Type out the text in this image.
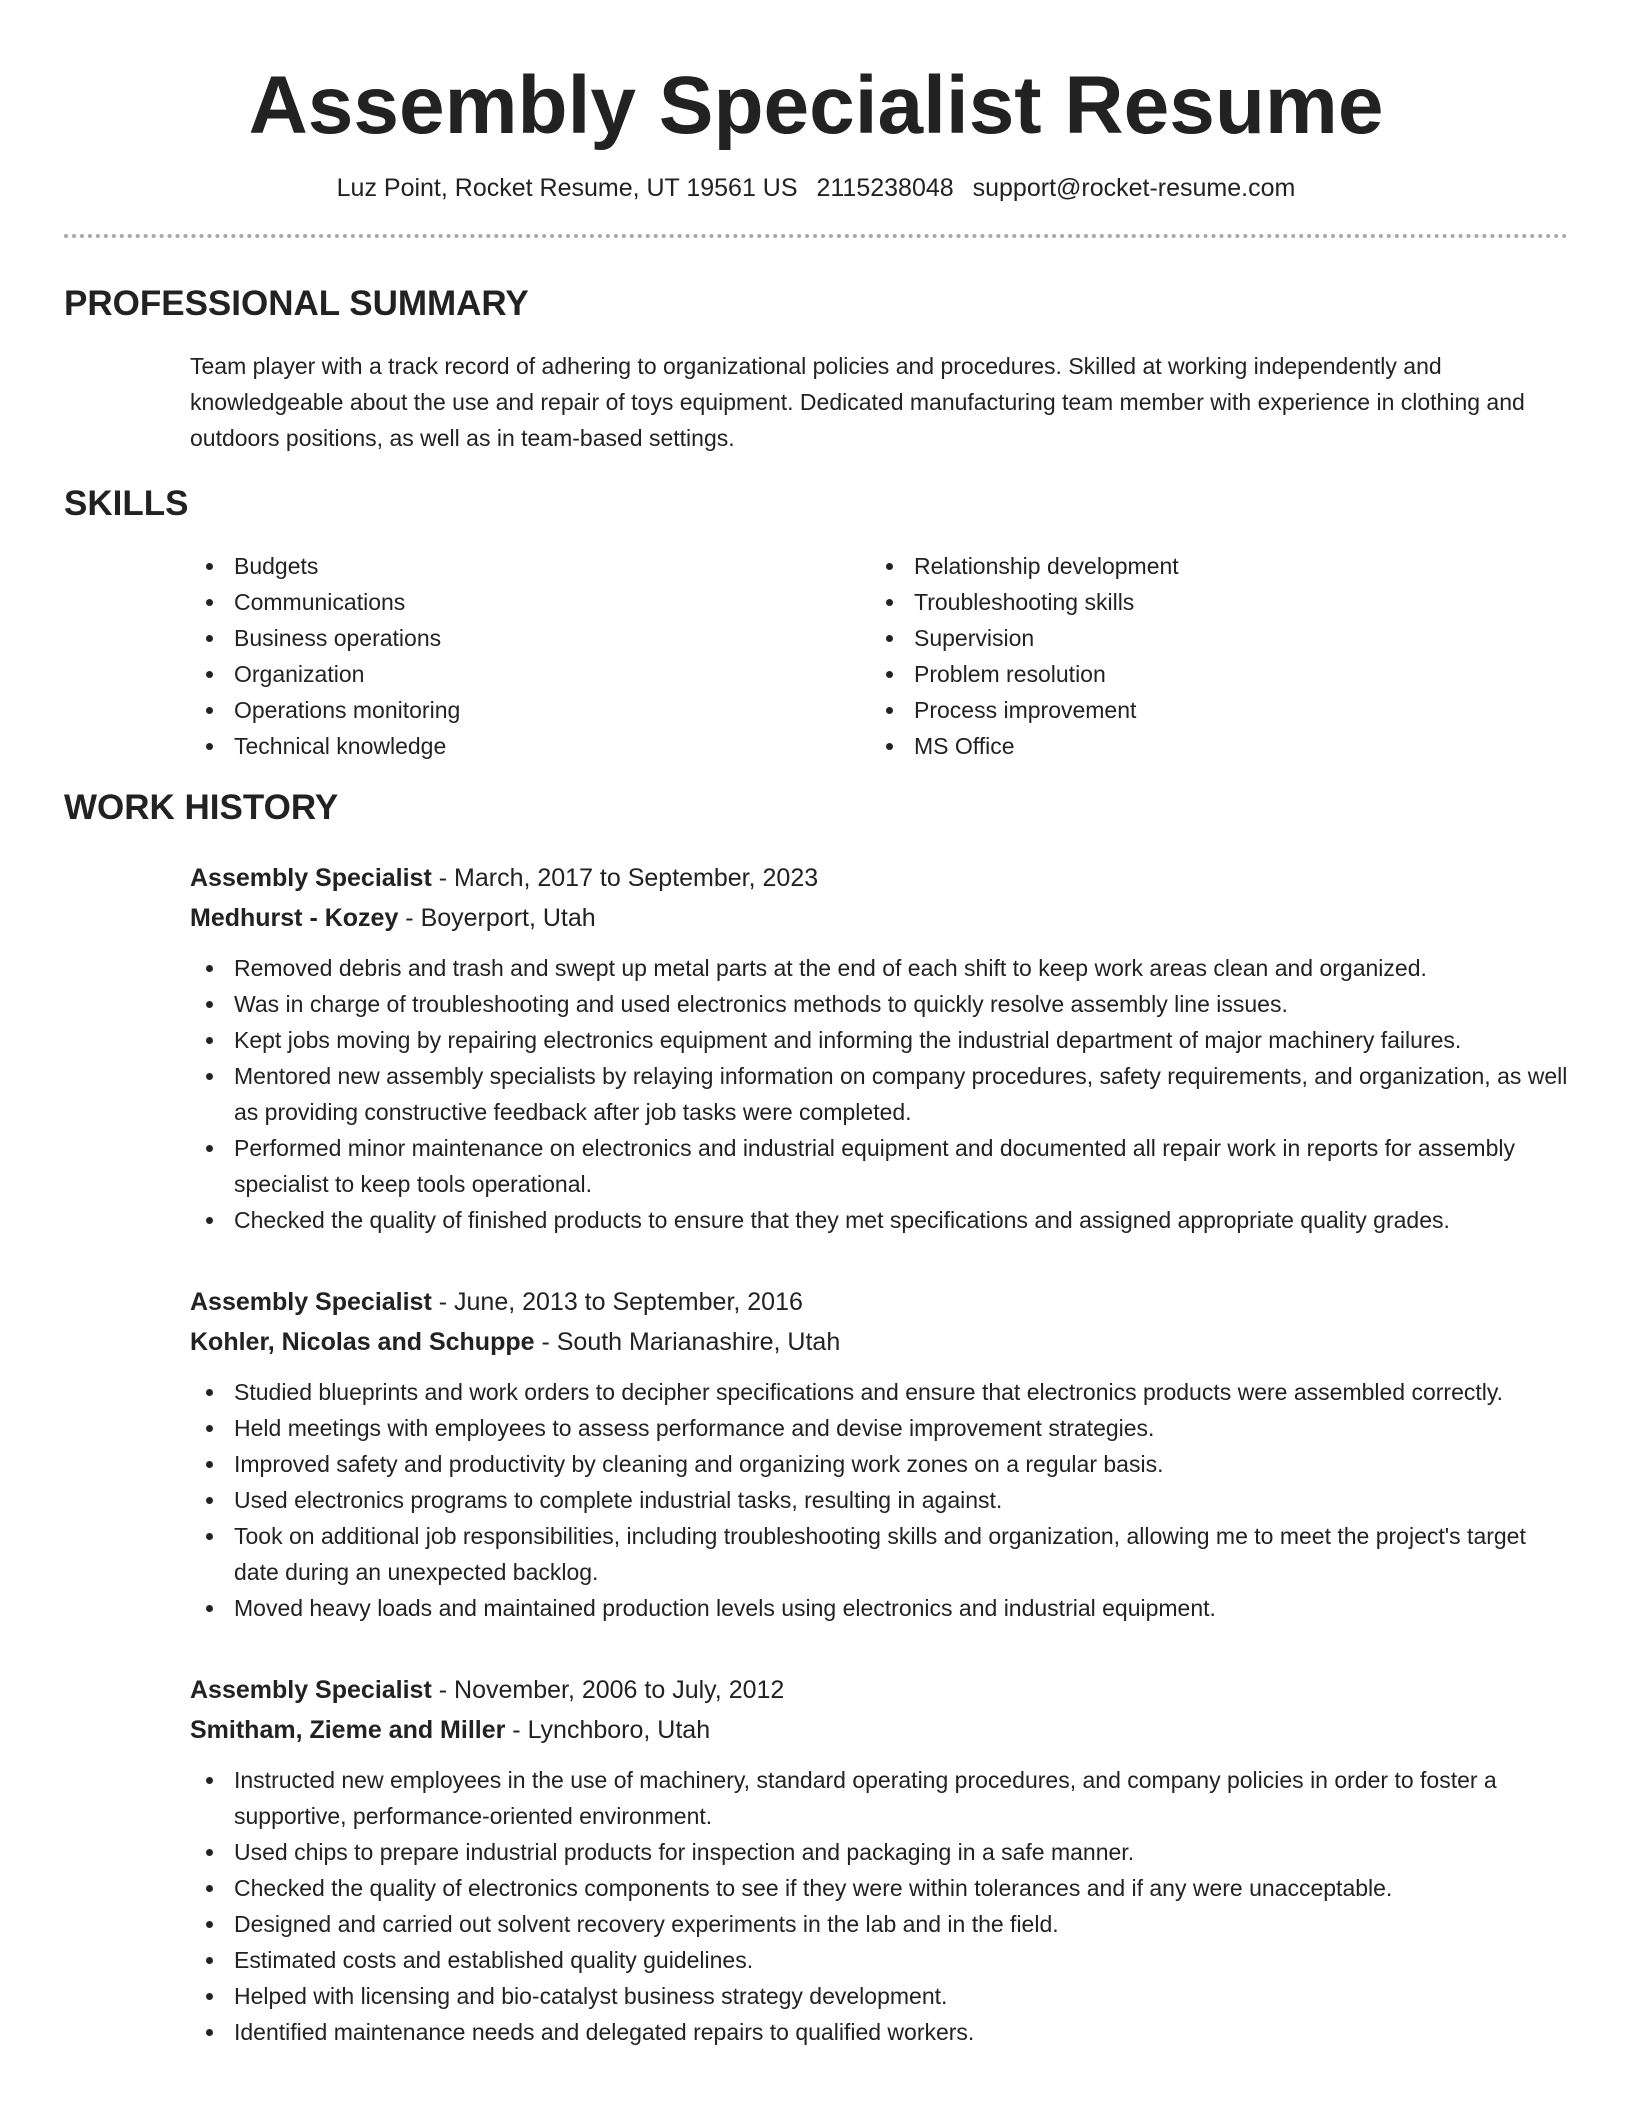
Assembly Specialist Resume
Luz Point, Rocket Resume, UT 19561 US 2115238048 support@rocket-resume.com
PROFESSIONAL SUMMARY
Team player with a track record of adhering to organizational policies and procedures. Skilled at working independently and knowledgeable about the use and repair of toys equipment. Dedicated manufacturing team member with experience in clothing and outdoors positions, as well as in team-based settings.
SKILLS
Budgets
Communications
Business operations
Organization
Operations monitoring
Technical knowledge
Relationship development
Troubleshooting skills
Supervision
Problem resolution
Process improvement
MS Office
WORK HISTORY
Assembly Specialist - March, 2017 to September, 2023
Medhurst - Kozey - Boyerport, Utah
Removed debris and trash and swept up metal parts at the end of each shift to keep work areas clean and organized.
Was in charge of troubleshooting and used electronics methods to quickly resolve assembly line issues.
Kept jobs moving by repairing electronics equipment and informing the industrial department of major machinery failures.
Mentored new assembly specialists by relaying information on company procedures, safety requirements, and organization, as well as providing constructive feedback after job tasks were completed.
Performed minor maintenance on electronics and industrial equipment and documented all repair work in reports for assembly specialist to keep tools operational.
Checked the quality of finished products to ensure that they met specifications and assigned appropriate quality grades.
Assembly Specialist - June, 2013 to September, 2016
Kohler, Nicolas and Schuppe - South Marianashire, Utah
Studied blueprints and work orders to decipher specifications and ensure that electronics products were assembled correctly.
Held meetings with employees to assess performance and devise improvement strategies.
Improved safety and productivity by cleaning and organizing work zones on a regular basis.
Used electronics programs to complete industrial tasks, resulting in against.
Took on additional job responsibilities, including troubleshooting skills and organization, allowing me to meet the project's target date during an unexpected backlog.
Moved heavy loads and maintained production levels using electronics and industrial equipment.
Assembly Specialist - November, 2006 to July, 2012
Smitham, Zieme and Miller - Lynchboro, Utah
Instructed new employees in the use of machinery, standard operating procedures, and company policies in order to foster a supportive, performance-oriented environment.
Used chips to prepare industrial products for inspection and packaging in a safe manner.
Checked the quality of electronics components to see if they were within tolerances and if any were unacceptable.
Designed and carried out solvent recovery experiments in the lab and in the field.
Estimated costs and established quality guidelines.
Helped with licensing and bio-catalyst business strategy development.
Identified maintenance needs and delegated repairs to qualified workers.
